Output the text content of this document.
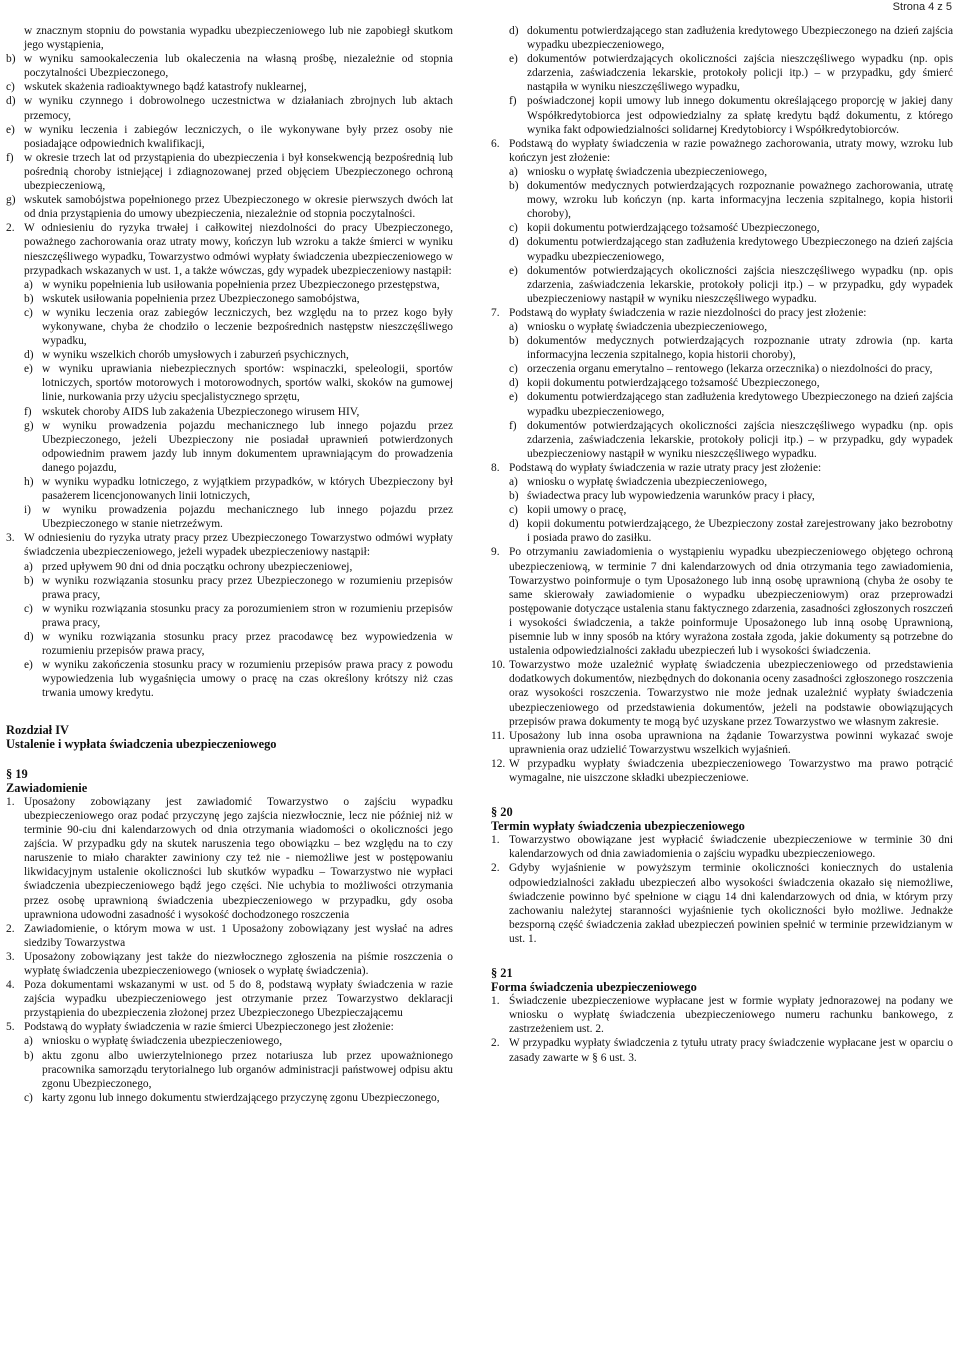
Strona 4 z 5
w znacznym stopniu do powstania wypadku ubezpieczeniowego lub nie zapobiegł skutkom jego wystąpienia,
b) w wyniku samookaleczenia lub okaleczenia na własną prośbę, niezależnie od stopnia poczytalności Ubezpieczonego,
c) wskutek skażenia radioaktywnego bądź katastrofy nuklearnej,
d) w wyniku czynnego i dobrowolnego uczestnictwa w działaniach zbrojnych lub aktach przemocy,
e) w wyniku leczenia i zabiegów leczniczych, o ile wykonywane były przez osoby nie posiadające odpowiednich kwalifikacji,
f) w okresie trzech lat od przystąpienia do ubezpieczenia i był konsekwencją bezpośrednią lub pośrednią choroby istniejącej i zdiagnozowanej przed objęciem Ubezpieczonego ochroną ubezpieczeniową,
g) wskutek samobójstwa popełnionego przez Ubezpieczonego w okresie pierwszych dwóch lat od dnia przystąpienia do umowy ubezpieczenia, niezależnie od stopnia poczytalności.
2. W odniesieniu do ryzyka trwałej i całkowitej niezdolności do pracy Ubezpieczonego, poważnego zachorowania oraz utraty mowy, kończyn lub wzroku a także śmierci w wyniku nieszczęśliwego wypadku, Towarzystwo odmówi wypłaty świadczenia ubezpieczeniowego w przypadkach wskazanych w ust. 1, a także wówczas, gdy wypadek ubezpieczeniowy nastąpił:
a) w wyniku popełnienia lub usiłowania popełnienia przez Ubezpieczonego przestępstwa,
b) wskutek usiłowania popełnienia przez Ubezpieczonego samobójstwa,
c) w wyniku leczenia oraz zabiegów leczniczych, bez względu na to przez kogo były wykonywane, chyba że chodziło o leczenie bezpośrednich następstw nieszczęśliwego wypadku,
d) w wyniku wszelkich chorób umysłowych i zaburzeń psychicznych,
e) w wyniku uprawiania niebezpiecznych sportów: wspinaczki, speleologii, sportów lotniczych, sportów motorowych i motorowodnych, sportów walki, skoków na gumowej linie, nurkowania przy użyciu specjalistycznego sprzętu,
f) wskutek choroby AIDS lub zakażenia Ubezpieczonego wirusem HIV,
g) w wyniku prowadzenia pojazdu mechanicznego lub innego pojazdu przez Ubezpieczonego, jeżeli Ubezpieczony nie posiadał uprawnień potwierdzonych odpowiednim prawem jazdy lub innym dokumentem uprawniającym do prowadzenia danego pojazdu,
h) w wyniku wypadku lotniczego, z wyjątkiem przypadków, w których Ubezpieczony był pasażerem licencjonowanych linii lotniczych,
i) w wyniku prowadzenia pojazdu mechanicznego lub innego pojazdu przez Ubezpieczonego w stanie nietrzeźwym.
3. W odniesieniu do ryzyka utraty pracy przez Ubezpieczonego Towarzystwo odmówi wypłaty świadczenia ubezpieczeniowego, jeżeli wypadek ubezpieczeniowy nastąpił:
a) przed upływem 90 dni od dnia początku ochrony ubezpieczeniowej,
b) w wyniku rozwiązania stosunku pracy przez Ubezpieczonego w rozumieniu przepisów prawa pracy,
c) w wyniku rozwiązania stosunku pracy za porozumieniem stron w rozumieniu przepisów prawa pracy,
d) w wyniku rozwiązania stosunku pracy przez pracodawcę bez wypowiedzenia w rozumieniu przepisów prawa pracy,
e) w wyniku zakończenia stosunku pracy w rozumieniu przepisów prawa pracy z powodu wypowiedzenia lub wygaśnięcia umowy o pracę na czas określony krótszy niż czas trwania umowy kredytu.
Rozdział IV
Ustalenie i wypłata świadczenia ubezpieczeniowego
§ 19
Zawiadomienie
1. Uposażony zobowiązany jest zawiadomić Towarzystwo o zajściu wypadku ubezpieczeniowego oraz podać przyczynę jego zajścia niezwłocznie, lecz nie później niż w terminie 90-ciu dni kalendarzowych od dnia otrzymania wiadomości o okoliczności jego zajścia. W przypadku gdy na skutek naruszenia tego obowiązku – bez względu na to czy naruszenie to miało charakter zawiniony czy też nie - niemożliwe jest w postępowaniu likwidacyjnym ustalenie okoliczności lub skutków wypadku – Towarzystwo nie wypłaci świadczenia ubezpieczeniowego bądź jego części. Nie uchybia to możliwości otrzymania przez osobę uprawnioną świadczenia ubezpieczeniowego w przypadku, gdy osoba uprawniona udowodni zasadność i wysokość dochodzonego roszczenia
2. Zawiadomienie, o którym mowa w ust. 1 Uposażony zobowiązany jest wysłać na adres siedziby Towarzystwa
3. Uposażony zobowiązany jest także do niezwłocznego zgłoszenia na piśmie roszczenia o wypłatę świadczenia ubezpieczeniowego (wniosek o wypłatę świadczenia).
4. Poza dokumentami wskazanymi w ust. od 5 do 8, podstawą wypłaty świadczenia w razie zajścia wypadku ubezpieczeniowego jest otrzymanie przez Towarzystwo deklaracji przystąpienia do ubezpieczenia złożonej przez Ubezpieczonego Ubezpieczającemu
5. Podstawą do wypłaty świadczenia w razie śmierci Ubezpieczonego jest złożenie:
a) wniosku o wypłatę świadczenia ubezpieczeniowego,
b) aktu zgonu albo uwierzytelnionego przez notariusza lub przez upoważnionego pracownika samorządu terytorialnego lub organów administracji państwowej odpisu aktu zgonu Ubezpieczonego,
c) karty zgonu lub innego dokumentu stwierdzającego przyczynę zgonu Ubezpieczonego,
d) dokumentu potwierdzającego stan zadłużenia kredytowego Ubezpieczonego na dzień zajścia wypadku ubezpieczeniowego,
e) dokumentów potwierdzających okoliczności zajścia nieszczęśliwego wypadku (np. opis zdarzenia, zaświadczenia lekarskie, protokoły policji itp.) – w przypadku, gdy śmierć nastąpiła w wyniku nieszczęśliwego wypadku,
f) poświadczonej kopii umowy lub innego dokumentu określającego proporcję w jakiej dany Współkredytobiorca jest odpowiedzialny za spłatę kredytu bądź dokumentu, z którego wynika fakt odpowiedzialności solidarnej Kredytobiorcy i Współkredytobiorców.
6. Podstawą do wypłaty świadczenia w razie poważnego zachorowania, utraty mowy, wzroku lub kończyn jest złożenie:
a) wniosku o wypłatę świadczenia ubezpieczeniowego,
b) dokumentów medycznych potwierdzających rozpoznanie poważnego zachorowania, utratę mowy, wzroku lub kończyn (np. karta informacyjna leczenia szpitalnego, kopia historii choroby),
c) kopii dokumentu potwierdzającego tożsamość Ubezpieczonego,
d) dokumentu potwierdzającego stan zadłużenia kredytowego Ubezpieczonego na dzień zajścia wypadku ubezpieczeniowego,
e) dokumentów potwierdzających okoliczności zajścia nieszczęśliwego wypadku (np. opis zdarzenia, zaświadczenia lekarskie, protokoły policji itp.) – w przypadku, gdy wypadek ubezpieczeniowy nastąpił w wyniku nieszczęśliwego wypadku.
7. Podstawą do wypłaty świadczenia w razie niezdolności do pracy jest złożenie:
a) wniosku o wypłatę świadczenia ubezpieczeniowego,
b) dokumentów medycznych potwierdzających rozpoznanie utraty zdrowia (np. karta informacyjna leczenia szpitalnego, kopia historii choroby),
c) orzeczenia organu emerytalno – rentowego (lekarza orzecznika) o niezdolności do pracy,
d) kopii dokumentu potwierdzającego tożsamość Ubezpieczonego,
e) dokumentu potwierdzającego stan zadłużenia kredytowego Ubezpieczonego na dzień zajścia wypadku ubezpieczeniowego,
f) dokumentów potwierdzających okoliczności zajścia nieszczęśliwego wypadku (np. opis zdarzenia, zaświadczenia lekarskie, protokoły policji itp.) – w przypadku, gdy wypadek ubezpieczeniowy nastąpił w wyniku nieszczęśliwego wypadku.
8. Podstawą do wypłaty świadczenia w razie utraty pracy jest złożenie:
a) wniosku o wypłatę świadczenia ubezpieczeniowego,
b) świadectwa pracy lub wypowiedzenia warunków pracy i płacy,
c) kopii umowy o pracę,
d) kopii dokumentu potwierdzającego, że Ubezpieczony został zarejestrowany jako bezrobotny i posiada prawo do zasiłku.
9. Po otrzymaniu zawiadomienia o wystąpieniu wypadku ubezpieczeniowego objętego ochroną ubezpieczeniową, w terminie 7 dni kalendarzowych od dnia otrzymania tego zawiadomienia, Towarzystwo poinformuje o tym Uposażonego lub inną osobę uprawnioną (chyba że osoby te same skierowały zawiadomienie o wypadku ubezpieczeniowym) oraz przeprowadzi postępowanie dotyczące ustalenia stanu faktycznego zdarzenia, zasadności zgłoszonych roszczeń i wysokości świadczenia, a także poinformuje Uposażonego lub inną osobę Uprawnioną, pisemnie lub w inny sposób na który wyrażona została zgoda, jakie dokumenty są potrzebne do ustalenia odpowiedzialności zakładu ubezpieczeń lub i wysokości świadczenia.
10. Towarzystwo może uzależnić wypłatę świadczenia ubezpieczeniowego od przedstawienia dodatkowych dokumentów, niezbędnych do dokonania oceny zasadności zgłoszonego roszczenia oraz wysokości roszczenia. Towarzystwo nie może jednak uzależnić wypłaty świadczenia ubezpieczeniowego od przedstawienia dokumentów, jeżeli na podstawie obowiązujących przepisów prawa dokumenty te mogą być uzyskane przez Towarzystwo we własnym zakresie.
11. Uposażony lub inna osoba uprawniona na żądanie Towarzystwa powinni wykazać swoje uprawnienia oraz udzielić Towarzystwu wszelkich wyjaśnień.
12. W przypadku wypłaty świadczenia ubezpieczeniowego Towarzystwo ma prawo potrącić wymagalne, nie uiszczone składki ubezpieczeniowe.
§ 20
Termin wypłaty świadczenia ubezpieczeniowego
1. Towarzystwo obowiązane jest wypłacić świadczenie ubezpieczeniowe w terminie 30 dni kalendarzowych od dnia zawiadomienia o zajściu wypadku ubezpieczeniowego.
2. Gdyby wyjaśnienie w powyższym terminie okoliczności koniecznych do ustalenia odpowiedzialności zakładu ubezpieczeń albo wysokości świadczenia okazało się niemożliwe, świadczenie powinno być spełnione w ciągu 14 dni kalendarzowych od dnia, w którym przy zachowaniu należytej staranności wyjaśnienie tych okoliczności było możliwe. Jednakże bezsporną część świadczenia zakład ubezpieczeń powinien spełnić w terminie przewidzianym w ust. 1.
§ 21
Forma świadczenia ubezpieczeniowego
1. Świadczenie ubezpieczeniowe wypłacane jest w formie wypłaty jednorazowej na podany we wniosku o wypłatę świadczenia ubezpieczeniowego numeru rachunku bankowego, z zastrzeżeniem ust. 2.
2. W przypadku wypłaty świadczenia z tytułu utraty pracy świadczenie wypłacane jest w oparciu o zasady zawarte w § 6 ust. 3.
